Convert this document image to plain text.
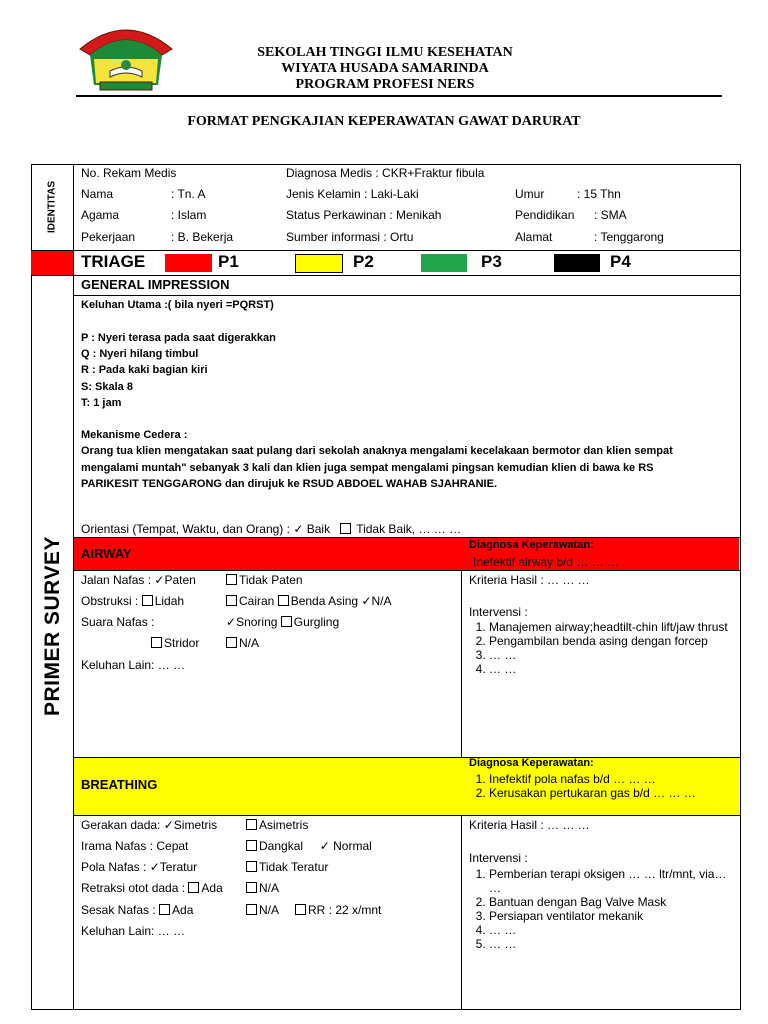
SEKOLAH TINGGI ILMU KESEHATAN
WIYATA HUSADA SAMARINDA
PROGRAM PROFESI NERS
FORMAT PENGKAJIAN KEPERAWATAN GAWAT DARURAT
IDENTITAS
No. Rekam Medis	Diagnosa Medis : CKR+Fraktur fibula
Nama	: Tn. A	Jenis Kelamin : Laki-Laki	Umur	: 15 Thn
Agama	: Islam	Status Perkawinan : Menikah	Pendidikan : SMA
Pekerjaan	: B. Bekerja	Sumber informasi : Ortu	Alamat	: Tenggarong
TRIAGE	P1	P2	P3	P4
PRIMER SURVEY
GENERAL IMPRESSION
Keluhan Utama :( bila nyeri =PQRST)
P : Nyeri terasa pada saat digerakkan
Q : Nyeri hilang timbul
R : Pada kaki bagian kiri
S: Skala 8
T: 1 jam
Mekanisme Cedera :
Orang tua klien mengatakan saat pulang dari sekolah anaknya mengalami kecelakaan bermotor dan klien sempat
mengalami muntah" sebanyak 3 kali dan klien juga sempat mengalami pingsan kemudian klien di bawa ke RS
PARIKESIT TENGGARONG dan dirujuk ke RSUD ABDOEL WAHAB SJAHRANIE.
Orientasi (Tempat, Waktu, dan Orang) : ✓ Baik Tidak Baik, … … …
AIRWAY
Diagnosa Keperawatan:
Inefektif airway b/d … … …
Jalan Nafas : ✓Paten	Tidak Paten
Obstruksi : Lidah	Cairan Benda Asing ✓N/A
Suara Nafas :	✓Snoring Gurgling
Stridor	N/A
Keluhan Lain: … …
Kriteria Hasil : … … …
Intervensi :
1. Manajemen airway;headtilt-chin lift/jaw thrust
2. Pengambilan benda asing dengan forcep
3. … …
4. … …
BREATHING
Diagnosa Keperawatan:
1. Inefektif pola nafas b/d … … …
2. Kerusakan pertukaran gas b/d … … …
Gerakan dada: ✓Simetris	Asimetris
Irama Nafas : Cepat	Dangkal ✓ Normal
Pola Nafas : ✓Teratur	Tidak Teratur
Retraksi otot dada : Ada	N/A
Sesak Nafas : Ada	N/A RR : 22 x/mnt
Keluhan Lain: … …
Kriteria Hasil : … … …
Intervensi :
1. Pemberian terapi oksigen … … ltr/mnt, via… …
2. Bantuan dengan Bag Valve Mask
3. Persiapan ventilator mekanik
4. … …
5. … …
